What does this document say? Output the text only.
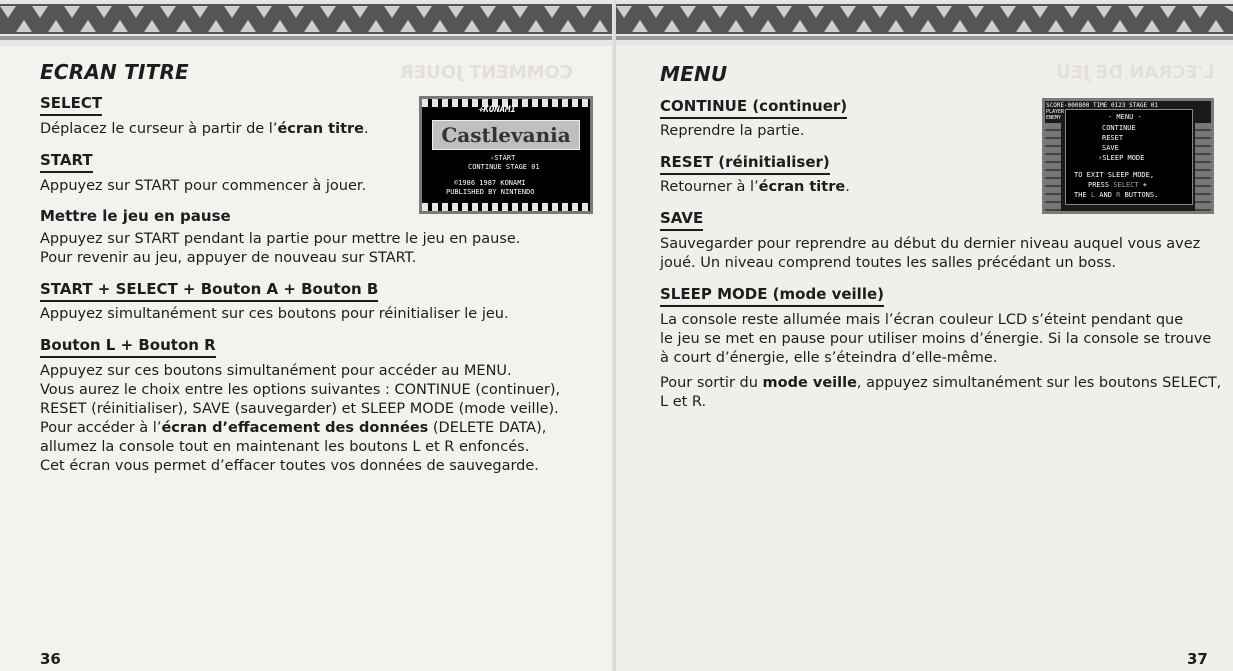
COMMENT JOUER
ECRAN TITRE
SELECT
Déplacez le curseur à partir de l’écran titre.
START
Appuyez sur START pour commencer à jouer.
Mettre le jeu en pause
Appuyez sur START pendant la partie pour mettre le jeu en pause.
Pour revenir au jeu, appuyer de nouveau sur START.
START + SELECT + Bouton A + Bouton B
Appuyez simultanément sur ces boutons pour réinitialiser le jeu.
Bouton L + Bouton R
Appuyez sur ces boutons simultanément pour accéder au MENU.
Vous aurez le choix entre les options suivantes : CONTINUE (continuer),
RESET (réinitialiser), SAVE (sauvegarder) et SLEEP MODE (mode veille).
Pour accéder à l’écran d’effacement des données (DELETE DATA),
allumez la console tout en maintenant les boutons L et R enfoncés.
Cet écran vous permet d’effacer toutes vos données de sauvegarde.
✧KONAMI
Castlevania
✧START
CONTINUE STAGE 01
©1986 1987 KONAMI
PUBLISHED BY NINTENDO
36
L'ECRAN DE JEU
MENU
CONTINUE (continuer)
Reprendre la partie.
RESET (réinitialiser)
Retourner à l’écran titre.
SAVE
Sauvegarder pour reprendre au début du dernier niveau auquel vous avez
joué. Un niveau comprend toutes les salles précédant un boss.
SLEEP MODE (mode veille)
La console reste allumée mais l’écran couleur LCD s’éteint pendant que
le jeu se met en pause pour utiliser moins d’énergie. Si la console se trouve
à court d’énergie, elle s’éteindra d’elle-même.
Pour sortir du mode veille, appuyez simultanément sur les boutons SELECT,
L et R.
SCORE-000800 TIME 0123 STAGE 01
PLAYER
ENEMY	- MENU -
CONTINUE
RESET
SAVE
›SLEEP MODE
TO EXIT SLEEP MODE,
PRESS SELECT +
THE L AND R BUTTONS.
37
